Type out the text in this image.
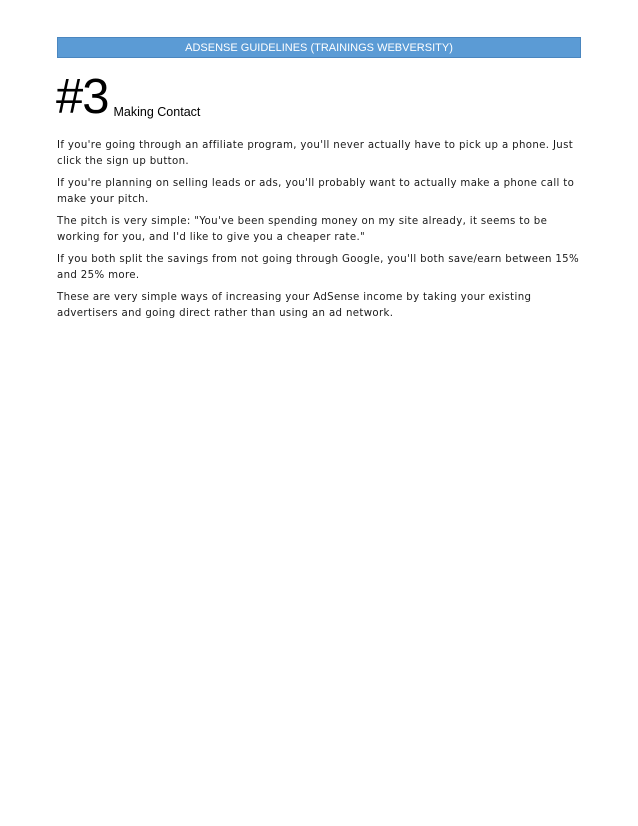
ADSENSE GUIDELINES (TRAININGS WEBVERSITY)
#3 Making Contact

If you're going through an affiliate program, you'll never actually have to pick up a phone. Just click the sign up button.

If you're planning on selling leads or ads, you'll probably want to actually make a phone call to make your pitch.

The pitch is very simple: "You've been spending money on my site already, it seems to be working for you, and I'd like to give you a cheaper rate."

If you both split the savings from not going through Google, you'll both save/earn between 15% and 25% more.

These are very simple ways of increasing your AdSense income by taking your existing advertisers and going direct rather than using an ad network.
